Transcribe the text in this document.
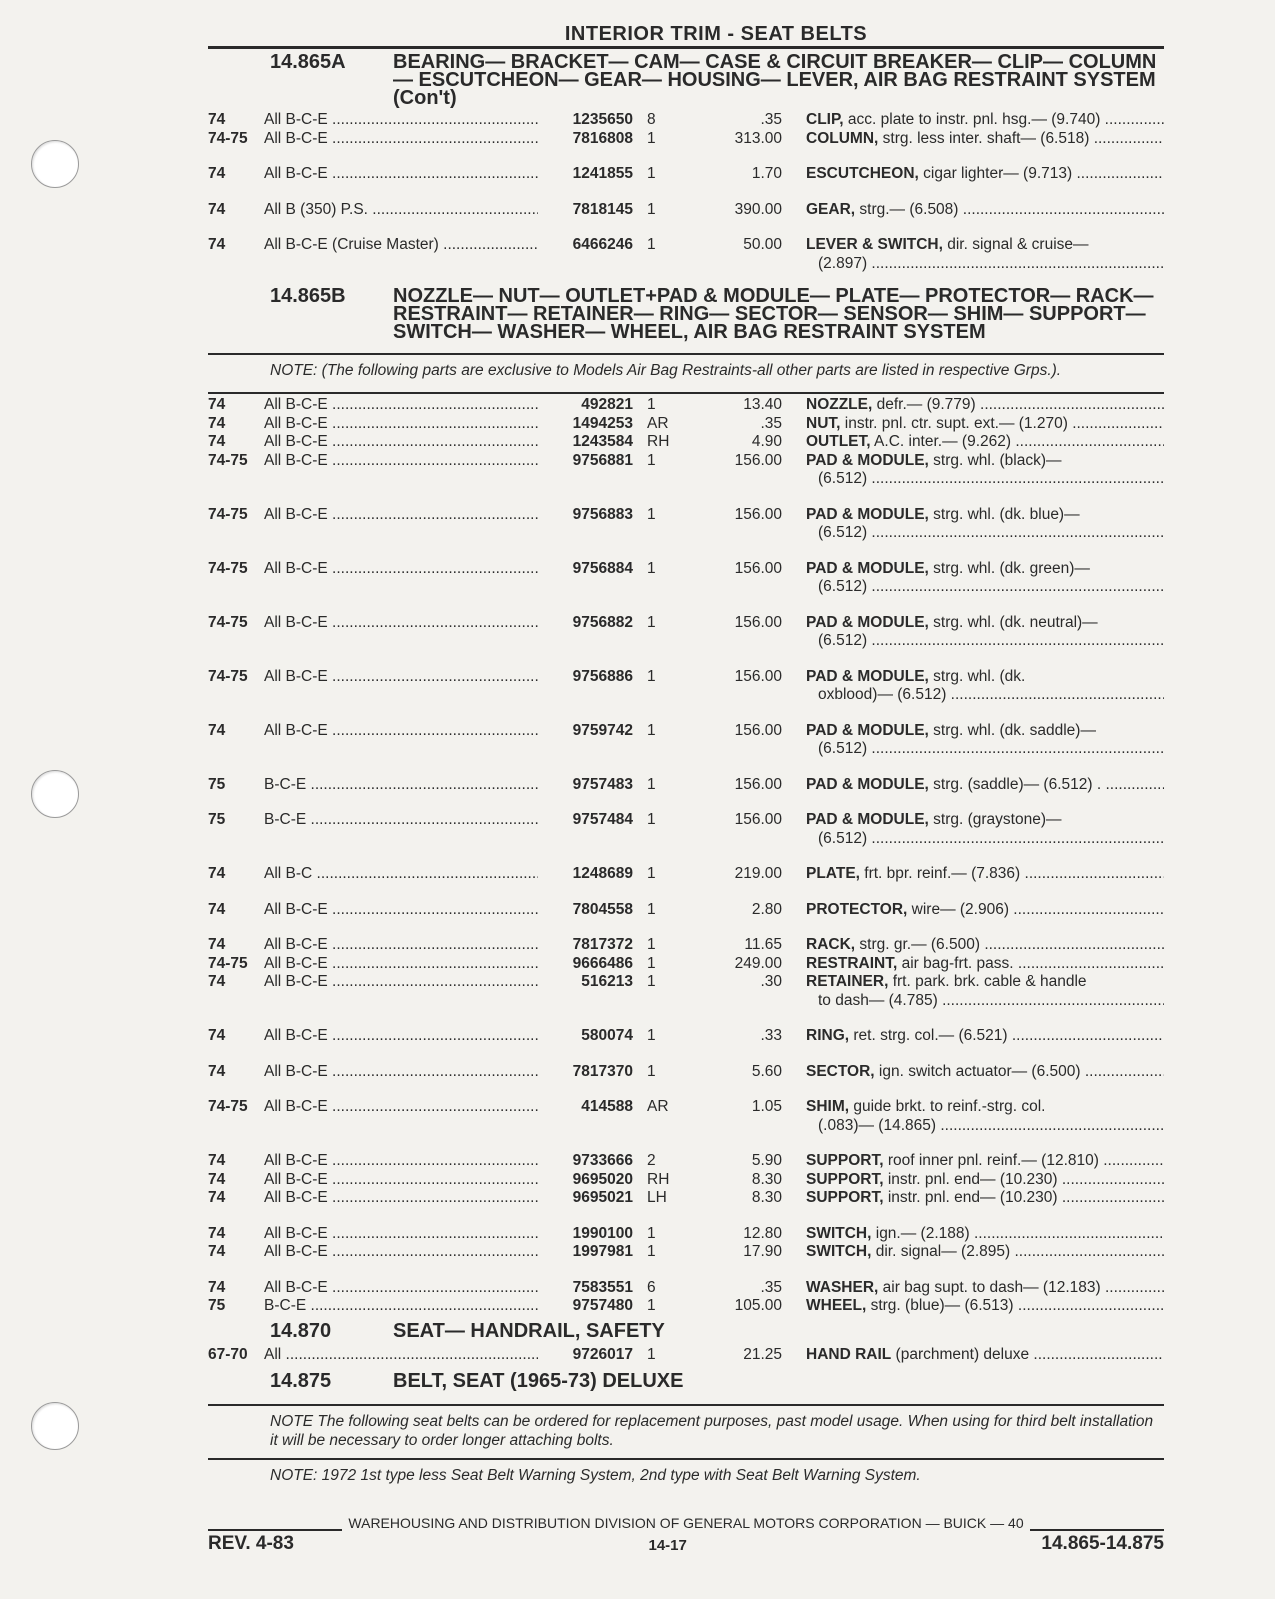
INTERIOR TRIM - SEAT BELTS
14.865A	BEARING— BRACKET— CAM— CASE & CIRCUIT BREAKER— CLIP— COLUMN— ESCUTCHEON— GEAR— HOUSING— LEVER, AIR BAG RESTRAINT SYSTEM (Con't)
74	All B-C-E .....	1235650 8	.35	CLIP, acc. plate to instr. pnl. hsg.— (9.740) .....
74-75	All B-C-E .....	7816808 1	313.00	COLUMN, strg. less inter. shaft— (6.518) .....
74	All B-C-E .....	1241855 1	1.70	ESCUTCHEON, cigar lighter— (9.713) .....
74	All B (350) P.S. .....	7818145 1	390.00	GEAR, strg.— (6.508) .....
74	All B-C-E (Cruise Master) .....	6466246 1	50.00	LEVER & SWITCH, dir. signal & cruise—
(2.897) .....
14.865B	NOZZLE— NUT— OUTLET+PAD & MODULE— PLATE— PROTECTOR— RACK— RESTRAINT— RETAINER— RING— SECTOR— SENSOR— SHIM— SUPPORT— SWITCH— WASHER— WHEEL, AIR BAG RESTRAINT SYSTEM
NOTE: (The following parts are exclusive to Models Air Bag Restraints-all other parts are listed in respective Grps.).
74	All B-C-E .....	492821 1	13.40	NOZZLE, defr.— (9.779) .....
74	All B-C-E .....	1494253 AR	.35	NUT, instr. pnl. ctr. supt. ext.— (1.270) .....
74	All B-C-E .....	1243584 RH	4.90	OUTLET, A.C. inter.— (9.262) .....
74-75	All B-C-E .....	9756881 1	156.00	PAD & MODULE, strg. whl. (black)—
(6.512) .....
74-75	All B-C-E .....	9756883 1	156.00	PAD & MODULE, strg. whl. (dk. blue)—
(6.512) .....
74-75	All B-C-E .....	9756884 1	156.00	PAD & MODULE, strg. whl. (dk. green)—
(6.512) .....
74-75	All B-C-E .....	9756882 1	156.00	PAD & MODULE, strg. whl. (dk. neutral)—
(6.512) .....
74-75	All B-C-E .....	9756886 1	156.00	PAD & MODULE, strg. whl. (dk.
oxblood)— (6.512) .....
74	All B-C-E .....	9759742 1	156.00	PAD & MODULE, strg. whl. (dk. saddle)—
(6.512) .....
75	B-C-E .....	9757483 1	156.00	PAD & MODULE, strg. (saddle)— (6.512) . .....
75	B-C-E .....	9757484 1	156.00	PAD & MODULE, strg. (graystone)—
(6.512) .....
74	All B-C .....	1248689 1	219.00	PLATE, frt. bpr. reinf.— (7.836) .....
74	All B-C-E .....	7804558 1	2.80	PROTECTOR, wire— (2.906) .....
74	All B-C-E .....	7817372 1	11.65	RACK, strg. gr.— (6.500) .....
74-75	All B-C-E .....	9666486 1	249.00	RESTRAINT, air bag-frt. pass. .....
74	All B-C-E .....	516213 1	.30	RETAINER, frt. park. brk. cable & handle
to dash— (4.785) .....
74	All B-C-E .....	580074 1	.33	RING, ret. strg. col.— (6.521) .....
74	All B-C-E .....	7817370 1	5.60	SECTOR, ign. switch actuator— (6.500) .....
74-75	All B-C-E .....	414588 AR	1.05	SHIM, guide brkt. to reinf.-strg. col.
(.083)— (14.865) .....
74	All B-C-E .....	9733666 2	5.90	SUPPORT, roof inner pnl. reinf.— (12.810) .....
74	All B-C-E .....	9695020 RH	8.30	SUPPORT, instr. pnl. end— (10.230) .....
74	All B-C-E .....	9695021 LH	8.30	SUPPORT, instr. pnl. end— (10.230) .....
74	All B-C-E .....	1990100 1	12.80	SWITCH, ign.— (2.188) .....
74	All B-C-E .....	1997981 1	17.90	SWITCH, dir. signal— (2.895) .....
74	All B-C-E .....	7583551 6	.35	WASHER, air bag supt. to dash— (12.183) .....
75	B-C-E .....	9757480 1	105.00	WHEEL, strg. (blue)— (6.513) .....
14.870	SEAT— HANDRAIL, SAFETY
67-70	All .....	9726017 1	21.25	HAND RAIL (parchment) deluxe .....
14.875	BELT, SEAT (1965-73) DELUXE
NOTE The following seat belts can be ordered for replacement purposes, past model usage. When using for third belt installation it will be necessary to order longer attaching bolts.
NOTE: 1972 1st type less Seat Belt Warning System, 2nd type with Seat Belt Warning System.
WAREHOUSING AND DISTRIBUTION DIVISION OF GENERAL MOTORS CORPORATION — BUICK — 40
REV. 4-83	14-17	14.865-14.875
